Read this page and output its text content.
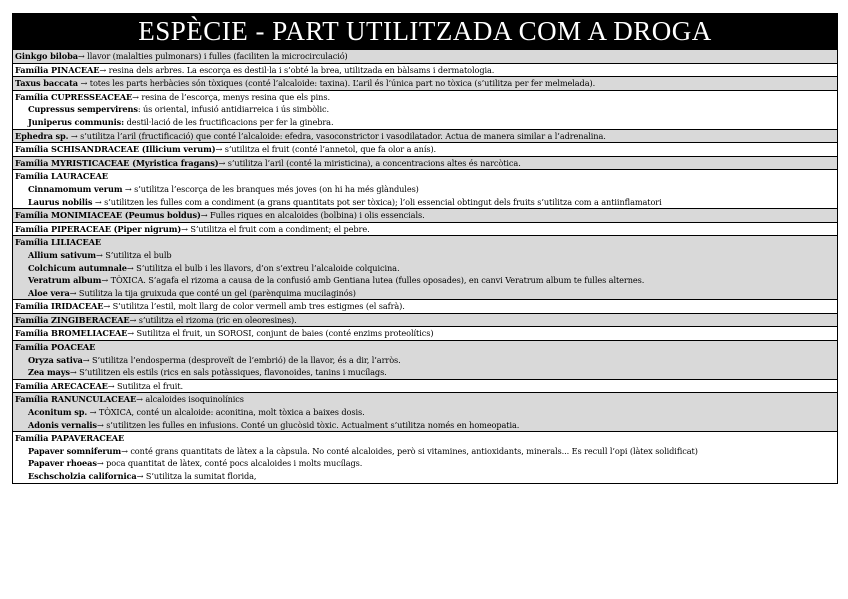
ESPÈCIE - PART UTILITZADA COM A DROGA
Ginkgo biloba→ llavor (malalties pulmonars) i fulles (faciliten la microcirculació)
Família PINACEAE→ resina dels arbres. La escorça es destil·la i s’obté la brea, utilitzada en bàlsams i dermatologia.
Taxus baccata → totes les parts herbàcies són tòxiques (conté l’alcaloide: taxina). L’aril és l’única part no tòxica (s’utilitza per fer melmelada).
Família CUPRESSEACEAE→ resina de l’escorça, menys resina que els pins.
Cupressus sempervirens: ús oriental, infusió antidiarreica i ús simbòlic.
Juniperus communis: destil·lació de les fructificacions per fer la ginebra.
Ephedra sp. → s’utilitza l’aril (fructificació) que conté l’alcaloide: efedra, vasoconstrictor i vasodilatador. Actua de manera similar a l’adrenalina.
Família SCHISANDRACEAE (Illicium verum)→ s’utilitza el fruit (conté l’annetol, que fa olor a anís).
Família MYRISTICACEAE (Myristica fragans)→ s’utilitza l’aril (conté la miristicina), a concentracions altes és narcòtica.
Família LAURACEAE
Cinnamomum verum → s’utilitza l’escorça de les branques més joves (on hi ha més glàndules)
Laurus nobilis → s’utilitzen les fulles com a condiment (a grans quantitats pot ser tòxica); l’oli essencial obtingut dels fruits s’utilitza com a antiinflamatori
Família MONIMIACEAE (Peumus boldus)→ Fulles riques en alcaloides (bolbina) i olis essencials.
Família PIPERACEAE (Piper nigrum)→ S’utilitza el fruit com a condiment; el pebre.
Família LILIACEAE
Allium sativum→ S’utilitza el bulb
Colchicum autumnale→ S’utilitza el bulb i les llavors, d’on s’extreu l’alcaloide colquicina.
Veratrum album→ TÒXICA. S’agafa el rizoma a causa de la confusió amb Gentiana lutea (fulles oposades), en canvi Veratrum album te fulles alternes.
Aloe vera→ Sutilitza la tija gruixuda que conté un gel (parènquima mucilaginós)
Família IRIDACEAE→ S’utilitza l’estil, molt llarg de color vermell amb tres estigmes (el safrà).
Família ZINGIBERACEAE→ s’utilitza el rizoma (ric en oleoresines).
Família BROMELIACEAE→ Sutilitza el fruit, un SOROSI, conjunt de baies (conté enzims proteolítics)
Família POACEAE
Oryza sativa→ S’utilitza l’endosperma (desproveït de l’embrió) de la llavor, és a dir, l’arròs.
Zea mays→ S’utilitzen els estils (rics en sals potàssiques, flavonoides, tanins i mucílags.
Família ARECACEAE→ Sutilitza el fruit.
Família RANUNCULACEAE→ alcaloides isoquinolínics
Aconitum sp. → TÒXICA, conté un alcaloide: aconitina, molt tòxica a baixes dosis.
Adonis vernalis→ s’utilitzen les fulles en infusions. Conté un glucòsid tòxic. Actualment s’utilitza només en homeopatia.
Família PAPAVERACEAE
Papaver somniferum→ conté grans quantitats de làtex a la càpsula. No conté alcaloides, però si vitamines, antioxidants, minerals... Es recull l’opi (làtex solidificat)
Papaver rhoeas→ poca quantitat de làtex, conté pocs alcaloides i molts mucílags.
Eschscholzia californica→ S’utilitza la sumitat florida,
